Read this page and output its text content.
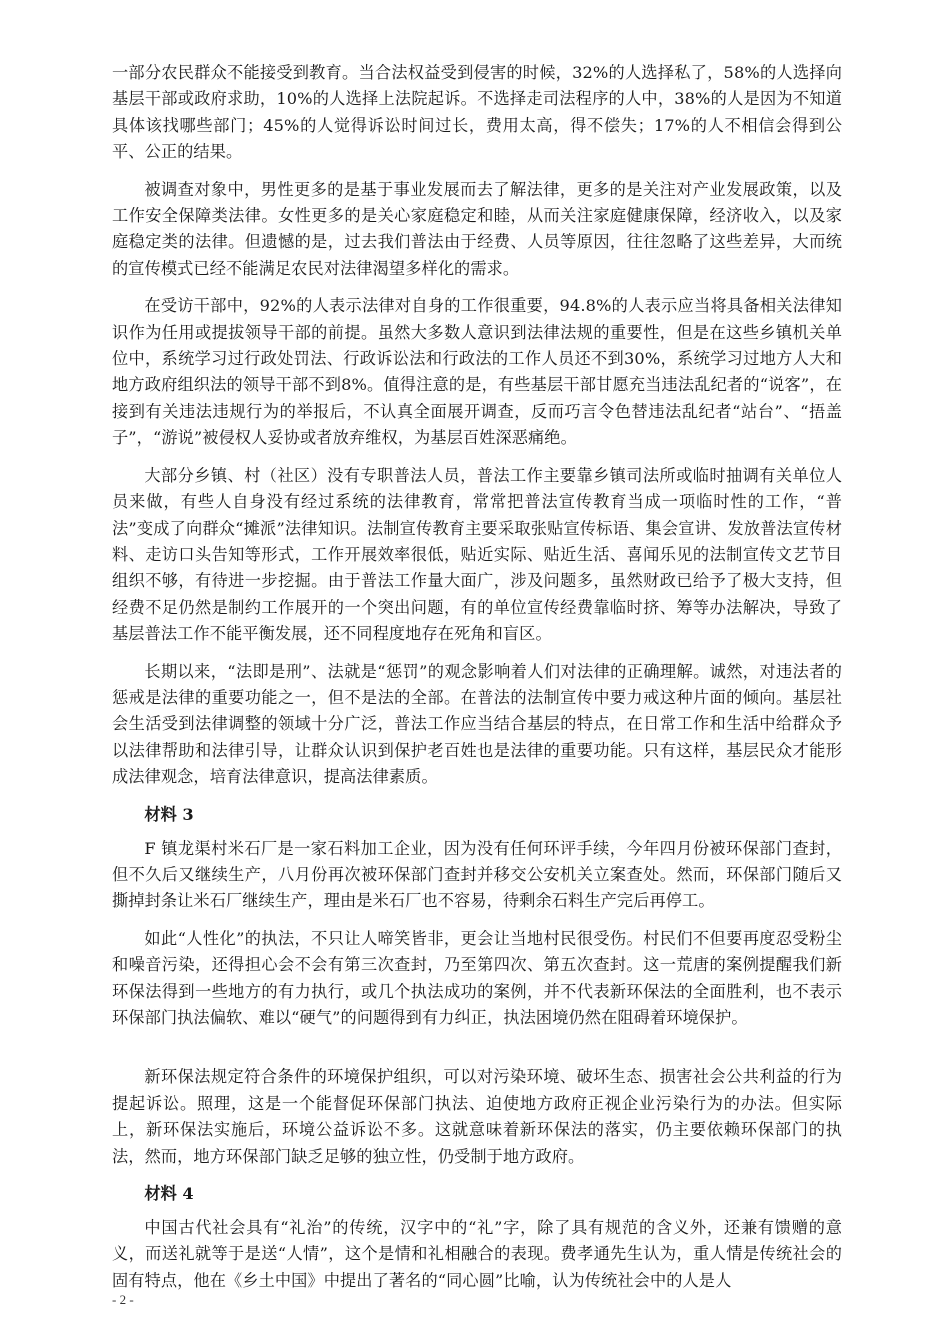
一部分农民群众不能接受到教育。当合法权益受到侵害的时候，32%的人选择私了，58%的人选择向基层干部或政府求助，10%的人选择上法院起诉。不选择走司法程序的人中，38%的人是因为不知道具体该找哪些部门；45%的人觉得诉讼时间过长，费用太高，得不偿失；17%的人不相信会得到公平、公正的结果。

被调查对象中，男性更多的是基于事业发展而去了解法律，更多的是关注对产业发展政策，以及工作安全保障类法律。女性更多的是关心家庭稳定和睦，从而关注家庭健康保障，经济收入，以及家庭稳定类的法律。但遗憾的是，过去我们普法由于经费、人员等原因，往往忽略了这些差异，大而统的宣传模式已经不能满足农民对法律渴望多样化的需求。

在受访干部中，92%的人表示法律对自身的工作很重要，94.8%的人表示应当将具备相关法律知识作为任用或提拔领导干部的前提。虽然大多数人意识到法律法规的重要性，但是在这些乡镇机关单位中，系统学习过行政处罚法、行政诉讼法和行政法的工作人员还不到30%，系统学习过地方人大和地方政府组织法的领导干部不到8%。值得注意的是，有些基层干部甘愿充当违法乱纪者的“说客”，在接到有关违法违规行为的举报后，不认真全面展开调查，反而巧言令色替违法乱纪者“站台”、“捂盖子”，“游说”被侵权人妥协或者放弃维权，为基层百姓深恶痛绝。

大部分乡镇、村（社区）没有专职普法人员，普法工作主要靠乡镇司法所或临时抽调有关单位人员来做，有些人自身没有经过系统的法律教育，常常把普法宣传教育当成一项临时性的工作，“普法”变成了向群众“摊派”法律知识。法制宣传教育主要采取张贴宣传标语、集会宣讲、发放普法宣传材料、走访口头告知等形式，工作开展效率很低，贴近实际、贴近生活、喜闻乐见的法制宣传文艺节目组织不够，有待进一步挖掘。由于普法工作量大面广，涉及问题多，虽然财政已给予了极大支持，但经费不足仍然是制约工作展开的一个突出问题，有的单位宣传经费靠临时挤、筹等办法解决，导致了基层普法工作不能平衡发展，还不同程度地存在死角和盲区。

长期以来，“法即是刑”、法就是“惩罚”的观念影响着人们对法律的正确理解。诚然，对违法者的惩戒是法律的重要功能之一，但不是法的全部。在普法的法制宣传中要力戒这种片面的倾向。基层社会生活受到法律调整的领域十分广泛，普法工作应当结合基层的特点，在日常工作和生活中给群众予以法律帮助和法律引导，让群众认识到保护老百姓也是法律的重要功能。只有这样，基层民众才能形成法律观念，培育法律意识，提高法律素质。

材料 3

F 镇龙渠村米石厂是一家石料加工企业，因为没有任何环评手续，今年四月份被环保部门查封，但不久后又继续生产，八月份再次被环保部门查封并移交公安机关立案查处。然而，环保部门随后又撕掉封条让米石厂继续生产，理由是米石厂也不容易，待剩余石料生产完后再停工。

如此“人性化”的执法，不只让人啼笑皆非，更会让当地村民很受伤。村民们不但要再度忍受粉尘和噪音污染，还得担心会不会有第三次查封，乃至第四次、第五次查封。这一荒唐的案例提醒我们新环保法得到一些地方的有力执行，或几个执法成功的案例，并不代表新环保法的全面胜利，也不表示环保部门执法偏软、难以“硬气”的问题得到有力纠正，执法困境仍然在阻碍着环境保护。

新环保法规定符合条件的环境保护组织，可以对污染环境、破坏生态、损害社会公共利益的行为提起诉讼。照理，这是一个能督促环保部门执法、迫使地方政府正视企业污染行为的办法。但实际上，新环保法实施后，环境公益诉讼不多。这就意味着新环保法的落实，仍主要依赖环保部门的执法，然而，地方环保部门缺乏足够的独立性，仍受制于地方政府。

材料 4

中国古代社会具有“礼治”的传统，汉字中的“礼”字，除了具有规范的含义外，还兼有馈赠的意义，而送礼就等于是送“人情”，这个是情和礼相融合的表现。费孝通先生认为，重人情是传统社会的固有特点，他在《乡土中国》中提出了著名的“同心圆”比喻，认为传统社会中的人是人

- 2 -
